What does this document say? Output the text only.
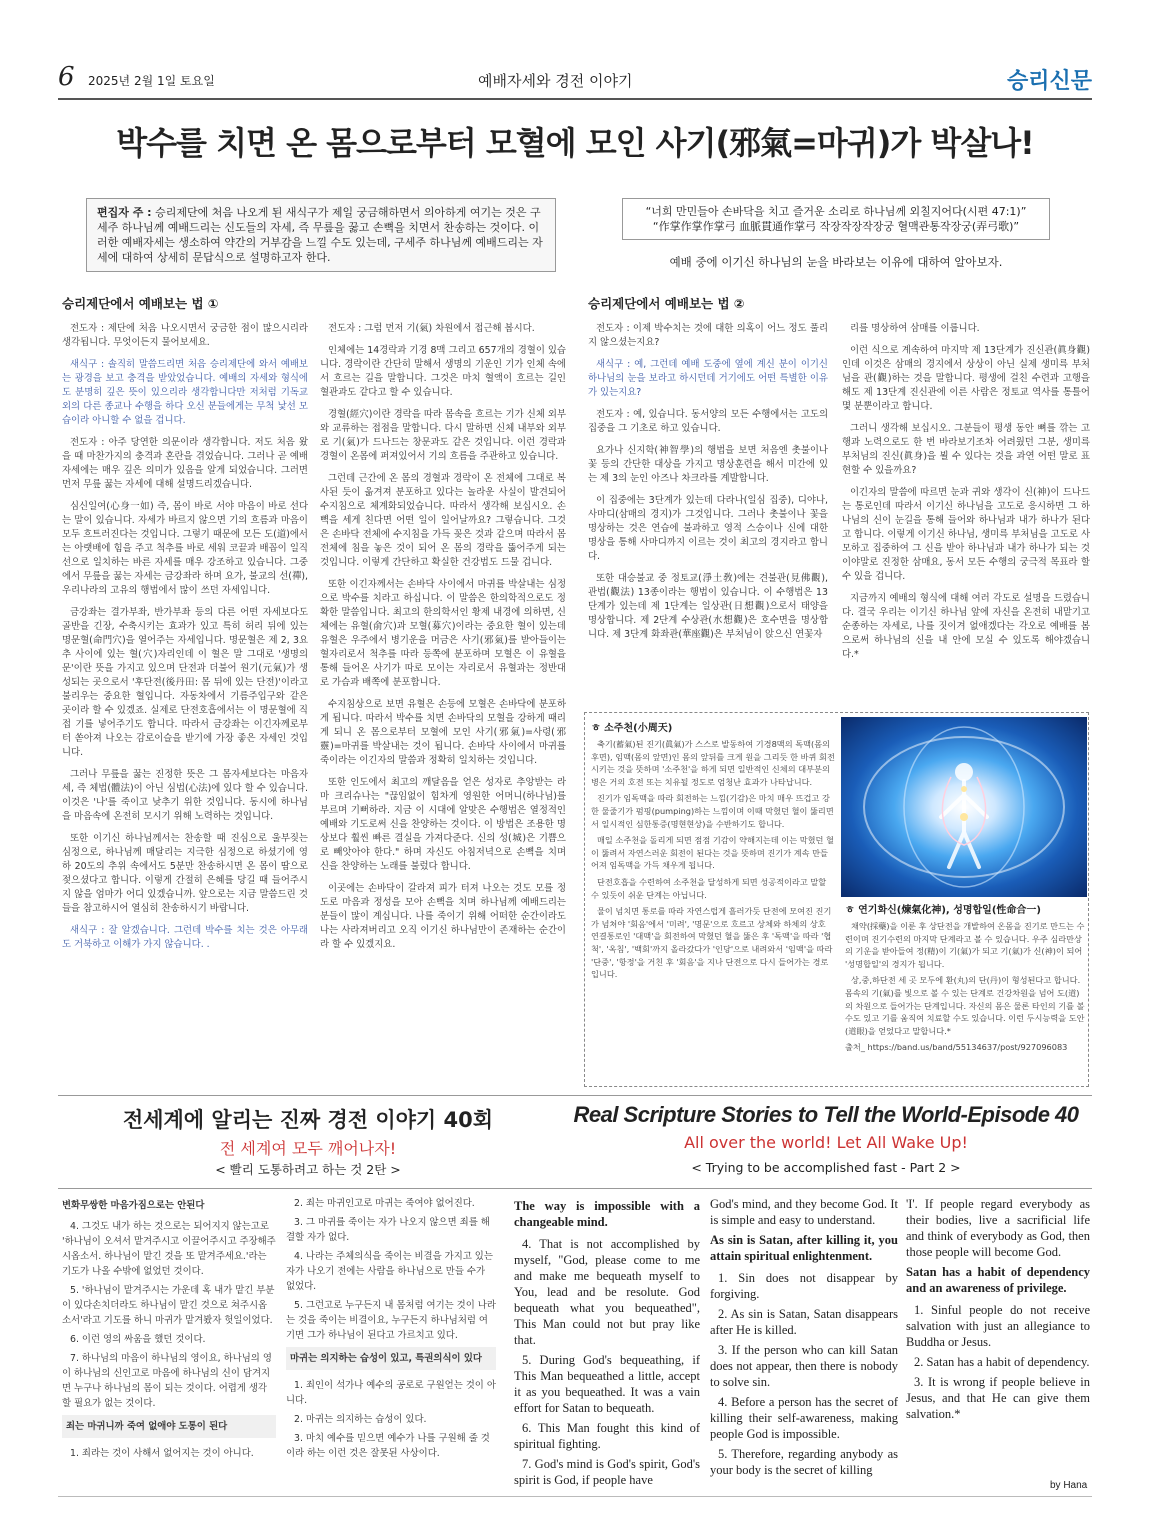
6 2025년 2월 1일 토요일	예배자세와 경전 이야기	승리신문
박수를 치면 온 몸으로부터 모혈에 모인 사기(邪氣=마귀)가 박살나!
편집자 주 : 승리제단에 처음 나오게 된 새식구가 제일 궁금해하면서 의아하게 여기는 것은 구세주 하나님께 예배드리는 신도들의 자세, 즉 무릎을 꿇고 손뼉을 치면서 찬송하는 것이다. 이러한 예배자세는 생소하여 약간의 거부감을 느낄 수도 있는데, 구세주 하나님께 예배드리는 자세에 대하여 상세히 문답식으로 설명하고자 한다.
“너희 만민들아 손바닥을 치고 즐거운 소리로 하나님께 외칠지어다(시편 47:1)”
“作掌作掌作掌弓 血脈貫通作掌弓 작장작장작장궁 혈맥관통작장궁(弄弓歌)”
예배 중에 이기신 하나님의 눈을 바라보는 이유에 대하여 알아보자.
승리제단에서 예배보는 법 ①	승리제단에서 예배보는 법 ②

전도자 : 제단에 처음 나오시면서 궁금한 점이 많으시리라 생각됩니다. 무엇이든지 물어보세요.

새식구 : 솔직히 말씀드리면 처음 승리제단에 와서 예배보는 광경을 보고 충격을 받았었습니다. 예배의 자세와 형식에도 분명히 깊은 뜻이 있으리라 생각합니다만 저처럼 기독교 외의 다른 종교나 수행을 하다 오신 분들에게는 무척 낯선 모습이라 아니할 수 없을 겁니다.

전도자 : 아주 당연한 의문이라 생각합니다. 저도 처음 왔을 때 마찬가지의 충격과 혼란을 겪었습니다. 그러나 곧 예배 자세에는 매우 깊은 의미가 있음을 알게 되었습니다. 그러면 먼저 무릎 꿇는 자세에 대해 설명드리겠습니다.

심신일여(心身一如) 즉, 몸이 바로 서야 마음이 바로 선다는 말이 있습니다. 자세가 바르지 않으면 기의 흐름과 마음이 모두 흐트러진다는 것입니다. 그렇기 때문에 모든 도(道)에서는 아랫배에 힘을 주고 척추를 바로 세워 코끝과 배꼽이 일직선으로 일치하는 바른 자세를 매우 강조하고 있습니다. 그중에서 무릎을 꿇는 자세는 금강좌라 하며 요가, 불교의 선(禪), 우리나라의 고유의 행법에서 많이 쓰던 자세입니다.

금강좌는 결가부좌, 반가부좌 등의 다른 어떤 자세보다도 골반을 긴장, 수축시키는 효과가 있고 특히 허리 뒤에 있는 명문혈(命門穴)을 열어주는 자세입니다. 명문혈은 제 2, 3요추 사이에 있는 혈(穴)자리인데 이 혈은 말 그대로 '생명의 문'이란 뜻을 가지고 있으며 단전과 더불어 원기(元氣)가 생성되는 곳으로서 '후단전(後丹田: 몸 뒤에 있는 단전)'이라고 불리우는 중요한 혈입니다. 자동차에서 기름주입구와 같은 곳이라 할 수 있겠죠. 실제로 단전호흡에서는 이 명문혈에 직접 기를 넣어주기도 합니다. 따라서 금강좌는 이긴자께로부터 쏟아져 나오는 감로이슬을 받기에 가장 좋은 자세인 것입니다.

그러나 무릎을 꿇는 진정한 뜻은 그 몸자세보다는 마음자세, 즉 체법(體法)이 아닌 심법(心法)에 있다 할 수 있습니다. 이것은 '나'를 죽이고 낮추기 위한 것입니다. 동시에 하나님을 마음속에 온전히 모시기 위해 노력하는 것입니다.

또한 이기신 하나님께서는 찬송할 때 진심으로 울부짖는 심정으로, 하나님께 매달리는 지극한 심정으로 하셨기에 영하 20도의 추위 속에서도 5분만 찬송하시면 온 몸이 땀으로 젖으셨다고 합니다. 이렇게 간절히 은혜를 당길 때 들어주시지 않을 엄마가 어디 있겠습니까. 앞으로는 지금 말씀드린 것들을 참고하시어 열심히 찬송하시기 바랍니다.

새식구 : 잘 알겠습니다. 그런데 박수를 치는 것은 아무래도 거북하고 이해가 가지 않습니다. .

전도자 : 그럼 먼저 기(氣) 차원에서 접근해 봅시다.

인체에는 14경락과 기경 8맥 그리고 657개의 경혈이 있습니다. 경락이란 간단히 말해서 생명의 기운인 기가 인체 속에서 흐르는 길을 말합니다. 그것은 마치 혈액이 흐르는 길인 혈관과도 같다고 할 수 있습니다.

경혈(經穴)이란 경락을 따라 몸속을 흐르는 기가 신체 외부와 교류하는 접점을 말합니다. 다시 말하면 신체 내부와 외부로 기(氣)가 드나드는 창문과도 같은 것입니다. 이런 경락과 경혈이 온몸에 퍼져있어서 기의 흐름을 주관하고 있습니다.

그런데 근간에 온 몸의 경혈과 경락이 온 전체에 그대로 복사된 듯이 옮겨져 분포하고 있다는 놀라운 사실이 발견되어 수지침으로 체계화되었습니다. 따라서 생각해 보십시오. 손뼉을 세게 친다면 어떤 일이 일어날까요? 그렇습니다. 그것은 손바닥 전체에 수지침을 가득 꽂은 것과 같으며 따라서 몸 전체에 침을 놓은 것이 되어 온 몸의 경락을 뚫어주게 되는 것입니다. 이렇게 간단하고 확실한 건강법도 드물 겁니다.

또한 이긴자께서는 손바닥 사이에서 마귀를 박살내는 심정으로 박수를 치라고 하십니다. 이 말씀은 한의학적으로도 정확한 말씀입니다. 최고의 한의학서인 황제 내경에 의하면, 신체에는 유혈(俞穴)과 모혈(募穴)이라는 중요한 혈이 있는데 유혈은 우주에서 병기운을 머금은 사기(邪氣)를 받아들이는 혈자리로서 척추를 따라 등쪽에 분포하며 모혈은 이 유혈을 통해 들어온 사기가 따로 모이는 자리로서 유혈과는 정반대로 가슴과 배쪽에 분포합니다.

수지침상으로 보면 유혈은 손등에 모혈은 손바닥에 분포하게 됩니다. 따라서 박수를 치면 손바닥의 모혈을 강하게 때리게 되니 온 몸으로부터 모혈에 모인 사기(邪氣)=사령(邪靈)=마귀를 박살내는 것이 됩니다. 손바닥 사이에서 마귀를 죽이라는 이긴자의 말씀과 정확히 일치하는 것입니다.

또한 인도에서 최고의 깨달음을 얻은 성자로 추앙받는 라마 크리슈나는 "끊임없이 힘차게 영원한 어머니(하나님)를 부르며 기뻐하라. 지금 이 시대에 알맞은 수행법은 열정적인 예배와 기도로써 신을 찬양하는 것이다. 이 방법은 조용한 명상보다 훨씬 빠른 결실을 가져다준다. 신의 성(城)은 기쁨으로 빼앗아야 한다." 하며 자신도 아침저녁으로 손뼉을 치며 신을 찬양하는 노래를 불렀다 합니다.

이곳에는 손바닥이 갈라져 피가 터져 나오는 것도 모를 정도로 마음과 정성을 모아 손뼉을 치며 하나님께 예배드리는 분들이 많이 계십니다. 나를 죽이기 위해 어떠한 순간이라도 나는 사라져버리고 오직 이기신 하나님만이 존재하는 순간이라 할 수 있겠지요.

전도자 : 이제 박수치는 것에 대한 의혹이 어느 정도 풀리지 않으셨는지요?

새식구 : 예, 그런데 예배 도중에 옆에 계신 분이 이기신 하나님의 눈을 보라고 하시던데 거기에도 어떤 특별한 이유가 있는지요?

전도자 : 예, 있습니다. 동서양의 모든 수행에서는 고도의 집중을 그 기초로 하고 있습니다.

요가나 신지학(神智學)의 행법을 보면 처음엔 촛불이나 꽃 등의 간단한 대상을 가지고 명상훈련을 해서 미간에 있는 제 3의 눈인 아즈나 차크라를 계발합니다.

이 집중에는 3단계가 있는데 다라나(일심 집중), 디야나, 사마디(삼매의 경지)가 그것입니다. 그러나 촛불이나 꽃을 명상하는 것은 연습에 불과하고 영적 스승이나 신에 대한 명상을 통해 사마디까지 이르는 것이 최고의 경지라고 합니다.

또한 대승불교 중 정토교(淨土敎)에는 견불관(見佛觀), 관법(觀法) 13종이라는 행법이 있습니다. 이 수행법은 13단계가 있는데 제 1단계는 일상관(日想觀)으로서 태양을 명상합니다. 제 2단계 수상관(水想觀)은 호수면을 명상합니다. 제 3단계 화좌관(華座觀)은 부처님이 앉으신 연꽃자

리를 명상하여 삼매를 이룹니다.

이런 식으로 계속하여 마지막 제 13단계가 진신관(眞身觀)인데 이것은 삼매의 경지에서 상상이 아닌 실제 생미륵 부처님을 관(觀)하는 것을 말합니다. 평생에 걸친 수련과 고행을 해도 제 13단계 진신관에 이른 사람은 정토교 역사를 통틀어 몇 분뿐이라고 합니다.

그러니 생각해 보십시오. 그분들이 평생 동안 뼈를 깎는 고행과 노력으로도 한 번 바라보기조차 어려웠던 그분, 생미륵 부처님의 진신(眞身)을 뵐 수 있다는 것을 과연 어떤 말로 표현할 수 있을까요?

이긴자의 말씀에 따르면 눈과 귀와 생각이 신(神)이 드나드는 통로인데 따라서 이기신 하나님을 고도로 응시하면 그 하나님의 신이 눈길을 통해 들어와 하나님과 내가 하나가 된다고 합니다. 이렇게 이기신 하나님, 생미륵 부처님을 고도로 사모하고 집중하여 그 신을 받아 하나님과 내가 하나가 되는 것이야말로 진정한 삼매요, 동서 모든 수행의 궁극적 목표라 할 수 있을 겁니다.

지금까지 예배의 형식에 대해 여러 각도로 설명을 드렸습니다. 결국 우리는 이기신 하나님 앞에 자신을 온전히 내맡기고 순종하는 자세로, 나를 짓이겨 없애겠다는 각오로 예배를 봄으로써 하나님의 신을 내 안에 모실 수 있도록 해야겠습니다.*

ㅎ 소주천(小周天)

축기(蓄氣)된 진기(眞氣)가 스스로 발동하여 기경8맥의 독맥(몸의 후면), 임맥(몸의 앞면)인 몸의 앞뒤를 크게 원을 그리듯 한 바퀴 회전시키는 것을 뜻하며 '소주천'을 하게 되면 일반적인 신체의 대부분의 병은 거의 호전 또는 치유될 정도로 엄청난 효과가 나타납니다.

진기가 임독맥을 따라 회전하는 느낌(기감)은 마치 매우 뜨겁고 강한 물줄기가 펌핑(pumping)하는 느낌이며 이때 막혔던 혈이 뚫리면서 일시적인 심한통증(명현현상)을 수반하기도 합니다.

매일 소주천을 돌리게 되면 점점 기감이 약해지는데 이는 막혔던 혈이 뚫려서 자연스러운 회전이 된다는 것을 뜻하며 진기가 계속 만들어져 임독맥을 가득 채우게 됩니다.

단전호흡을 수련하여 소주천을 달성하게 되면 성공적이라고 말할 수 있듯이 쉬운 단계는 아닙니다.

물이 넘치면 통로를 따라 자연스럽게 흘러가듯 단전에 모여진 진기가 넘쳐야 '회음'에서 '미려', '명문'으로 흐르고 상체와 하체의 상호 연결통로인 '대맥'을 회전하여 막혔던 혈을 뚫은 후 '독맥'을 따라 '협척', '옥침', '백회'까지 올라갔다가 '인당'으로 내려와서 '임맥'을 따라 '단중', '항정'을 거친 후 '회음'을 지나 단전으로 다시 들어가는 경로입니다.

ㅎ 연기화신(煉氣化神), 성명합일(性命合一)

채약(採藥)을 이룬 후 상단전을 개발하여 온몸을 진기로 만드는 수련이며 진기수련의 마지막 단계라고 볼 수 있습니다. 우주 심라만상의 기운을 받아들여 정(精)이 기(氣)가 되고 기(氣)가 신(神)이 되어 '성명합일'의 경지가 됩니다.

상,중,하단전 세 곳 모두에 환(丸)의 단(丹)이 형성된다고 합니다. 몸속의 기(氣)를 빛으로 볼 수 있는 단계로 건강차원을 넘어 도(道)의 차원으로 들어가는 단계입니다. 자신의 몸은 물론 타인의 기를 볼 수도 있고 기를 움직여 치료할 수도 있습니다. 이런 두시능력을 도안(道眼)을 얻었다고 말합니다.*

출처_ https://band.us/band/55134637/post/927096083
전세계에 알리는 진짜 경전 이야기 40회
전 세계여 모두 깨어나자!
< 빨리 도통하려고 하는 것 2탄 >
Real Scripture Stories to Tell the World-Episode 40
All over the world! Let All Wake Up!
< Trying to be accomplished fast - Part 2 >
변화무쌍한 마음가짐으로는 안된다

4. 그것도 내가 하는 것으로는 되어지지 않는고로 '하나님이 오셔서 맡겨주시고 이끌어주시고 주장해주시옵소서. 하나님이 맡긴 것을 또 맡겨주세요.'라는 기도가 나올 수밖에 없었던 것이다.

5. '하나님이 맡겨주시는 가운데 혹 내가 맡긴 부분이 있다손치더라도 하나님이 맡긴 것으로 쳐주시옵소서'라고 기도를 하니 마귀가 맡겨봤자 헛일이었다.

6. 이런 영의 싸움을 했던 것이다.

7. 하나님의 마음이 하나님의 영이요, 하나님의 영이 하나님의 신인고로 마음에 하나님의 신이 담겨지면 누구나 하나님의 몸이 되는 것이다. 어렵게 생각할 필요가 없는 것이다.

죄는 마귀니까 죽여 없애야 도통이 된다

1. 죄라는 것이 사해서 없어지는 것이 아니다.

2. 죄는 마귀인고로 마귀는 죽여야 없어진다.

3. 그 마귀를 죽이는 자가 나오지 않으면 죄를 해결할 자가 없다.

4. 나라는 주체의식을 죽이는 비결을 가지고 있는 자가 나오기 전에는 사람을 하나님으로 만들 수가 없었다.

5. 그런고로 누구든지 내 몸처럼 여기는 것이 나라는 것을 죽이는 비결이요, 누구든지 하나님처럼 여기면 그가 하나님이 된다고 가르치고 있다.

마귀는 의지하는 습성이 있고, 특권의식이 있다

1. 죄인이 석가나 예수의 공로로 구원얻는 것이 아니다.

2. 마귀는 의지하는 습성이 있다.

3. 마치 예수를 믿으면 예수가 나를 구원해 줄 것이라 하는 이런 것은 잘못된 사상이다.

The way is impossible with a changeable mind.

4. That is not accomplished by myself, "God, please come to me and make me bequeath myself to You, lead and be resolute. God bequeath what you bequeathed", This Man could not but pray like that.

5. During God's bequeathing, if This Man bequeathed a little, accept it as you bequeathed. It was a vain effort for Satan to bequeath.

6. This Man fought this kind of spiritual fighting.

7. God's mind is God's spirit, God's spirit is God, if people have

God's mind, and they become God. It is simple and easy to understand.

As sin is Satan, after killing it, you attain spiritual enlightenment.

1. Sin does not disappear by forgiving.

2. As sin is Satan, Satan disappears after He is killed.

3. If the person who can kill Satan does not appear, then there is nobody to solve sin.

4. Before a person has the secret of killing their self-awareness, making people God is impossible.

5. Therefore, regarding anybody as your body is the secret of killing

'I'. If people regard everybody as their bodies, live a sacrificial life and think of everybody as God, then those people will become God.

Satan has a habit of dependency and an awareness of privilege.

1. Sinful people do not receive salvation with just an allegiance to Buddha or Jesus.

2. Satan has a habit of dependency.

3. It is wrong if people believe in Jesus, and that He can give them salvation.*

by Hana
